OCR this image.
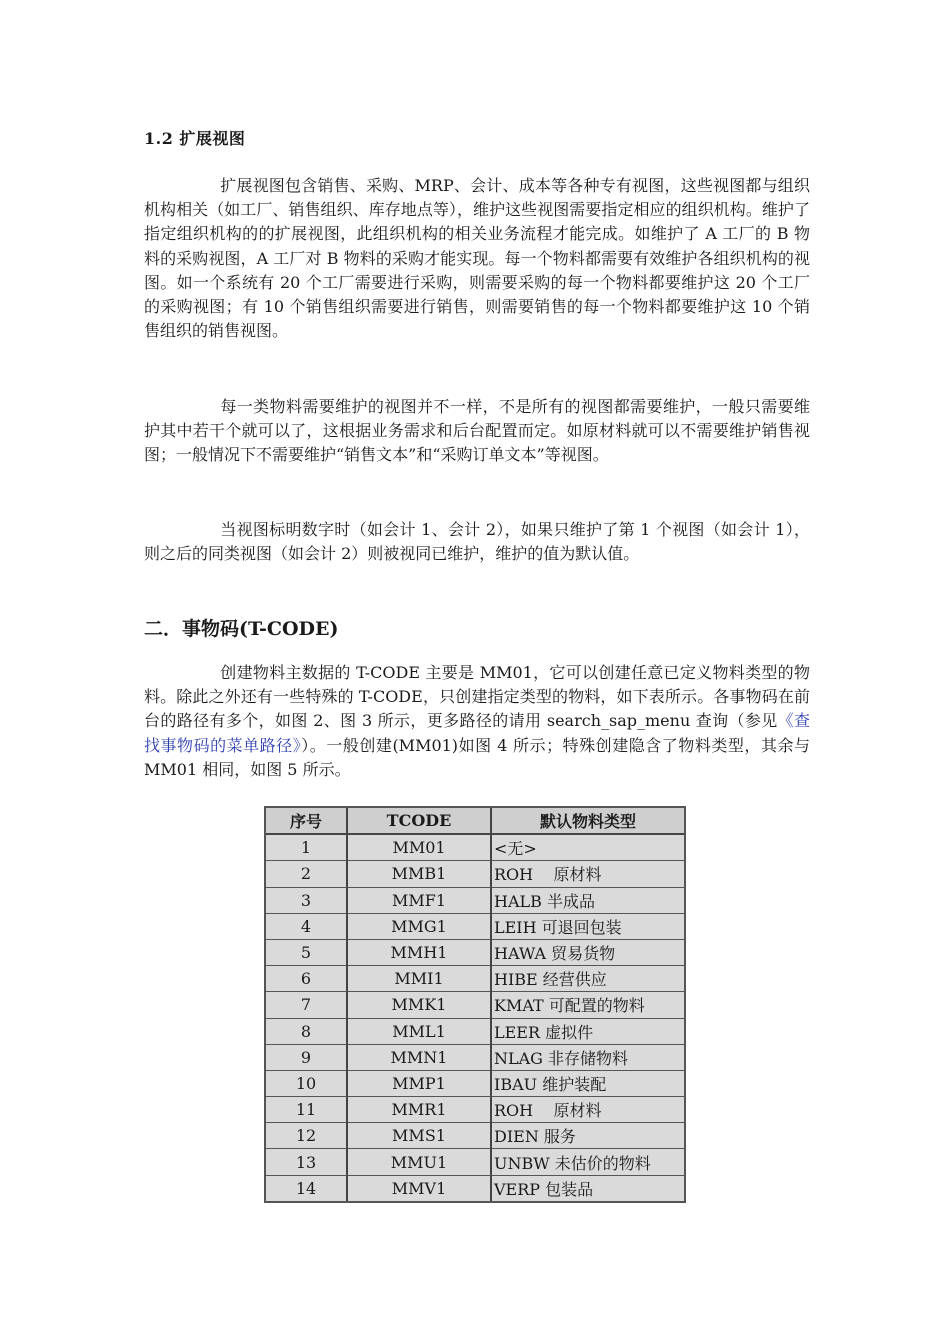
1.2 扩展视图
扩展视图包含销售、采购、MRP、会计、成本等各种专有视图，这些视图都与组织机构相关（如工厂、销售组织、库存地点等），维护这些视图需要指定相应的组织机构。维护了指定组织机构的的扩展视图，此组织机构的相关业务流程才能完成。如维护了 A 工厂的 B 物料的采购视图，A 工厂对 B 物料的采购才能实现。每一个物料都需要有效维护各组织机构的视图。如一个系统有 20 个工厂需要进行采购，则需要采购的每一个物料都要维护这 20 个工厂的采购视图；有 10 个销售组织需要进行销售，则需要销售的每一个物料都要维护这 10 个销售组织的销售视图。
每一类物料需要维护的视图并不一样，不是所有的视图都需要维护，一般只需要维护其中若干个就可以了，这根据业务需求和后台配置而定。如原材料就可以不需要维护销售视图；一般情况下不需要维护“销售文本”和“采购订单文本”等视图。
当视图标明数字时（如会计 1、会计 2），如果只维护了第 1 个视图（如会计 1），则之后的同类视图（如会计 2）则被视同已维护，维护的值为默认值。
二．事物码(T-CODE)
创建物料主数据的 T-CODE 主要是 MM01，它可以创建任意已定义物料类型的物料。除此之外还有一些特殊的 T-CODE，只创建指定类型的物料，如下表所示。各事物码在前台的路径有多个，如图 2、图 3 所示，更多路径的请用 search_sap_menu 查询（参见《查找事物码的菜单路径》）。一般创建(MM01)如图 4 所示；特殊创建隐含了物料类型，其余与 MM01 相同，如图 5 所示。
序号	TCODE	默认物料类型
1	MM01	<无>
2	MMB1	ROH    原材料
3	MMF1	HALB 半成品
4	MMG1	LEIH 可退回包装
5	MMH1	HAWA 贸易货物
6	MMI1	HIBE 经营供应
7	MMK1	KMAT 可配置的物料
8	MML1	LEER 虚拟件
9	MMN1	NLAG 非存储物料
10	MMP1	IBAU 维护装配
11	MMR1	ROH    原材料
12	MMS1	DIEN 服务
13	MMU1	UNBW 未估价的物料
14	MMV1	VERP 包装品
